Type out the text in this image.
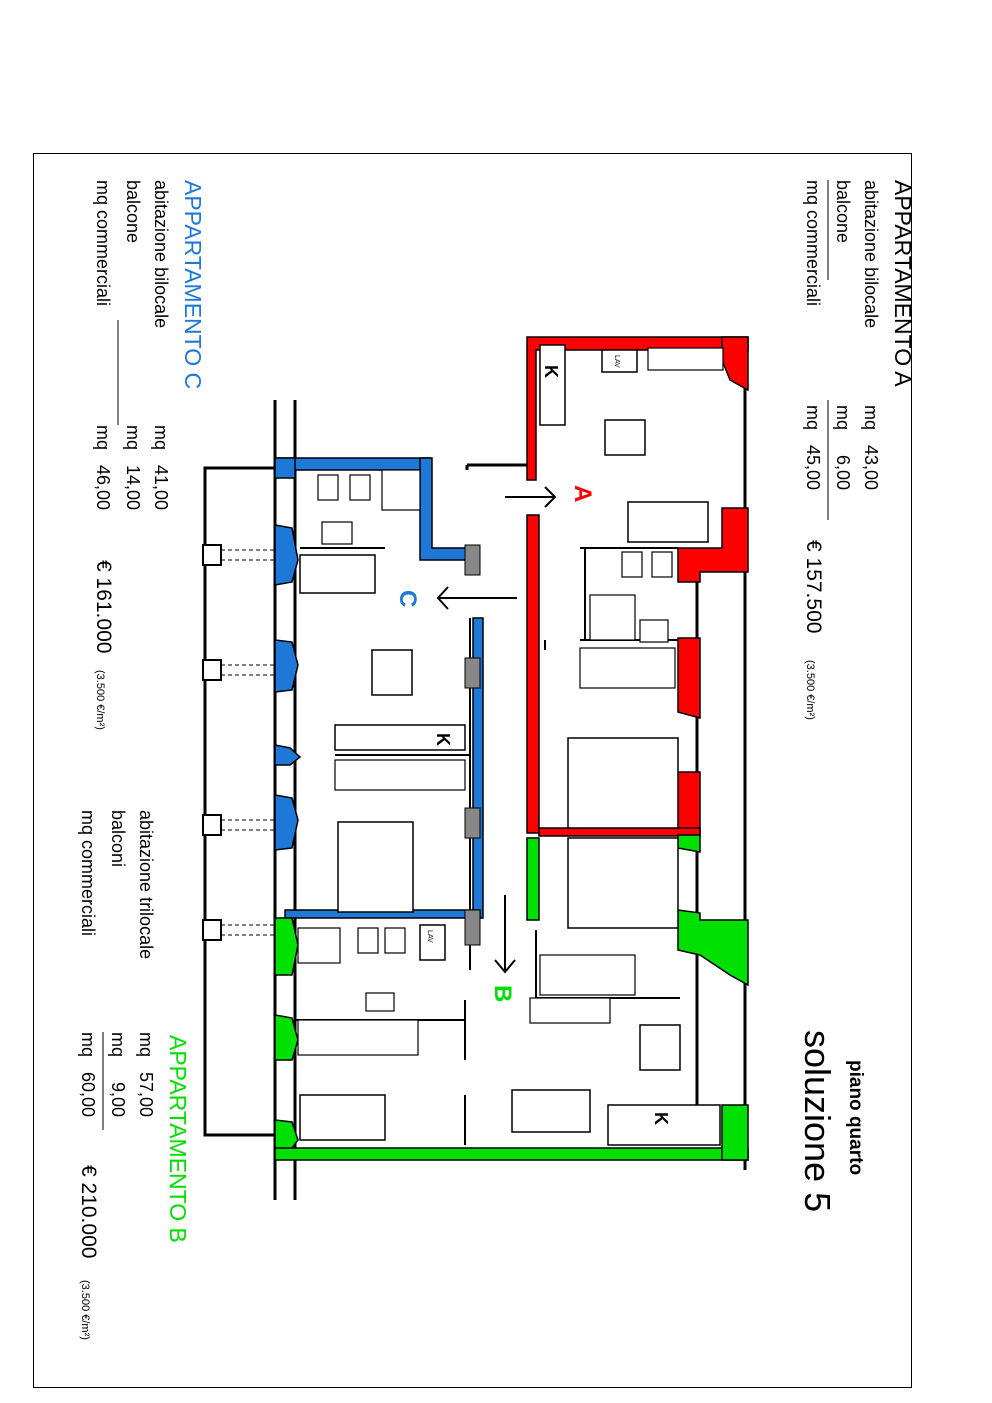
soluzione 5 piano quarto
APPARTAMENTO A
abitazione bilocale
mq
43,00
balcone
mq
6,00
mq commerciali
mq
45,00
€ 157.500
(3.500 €/m²)
APPARTAMENTO C
abitazione bilocale
mq
41,00
balcone
mq
14,00
mq commerciali
mq
46,00
€ 161.000
(3.500 €/m²)
APPARTAMENTO B
abitazione trilocale
mq
57,00
balconi
mq
9,00
mq commerciali
mq
60,00
€ 210.000
(3.500 €/m²)
A
C
B
K
K
K
LAV
LAV
